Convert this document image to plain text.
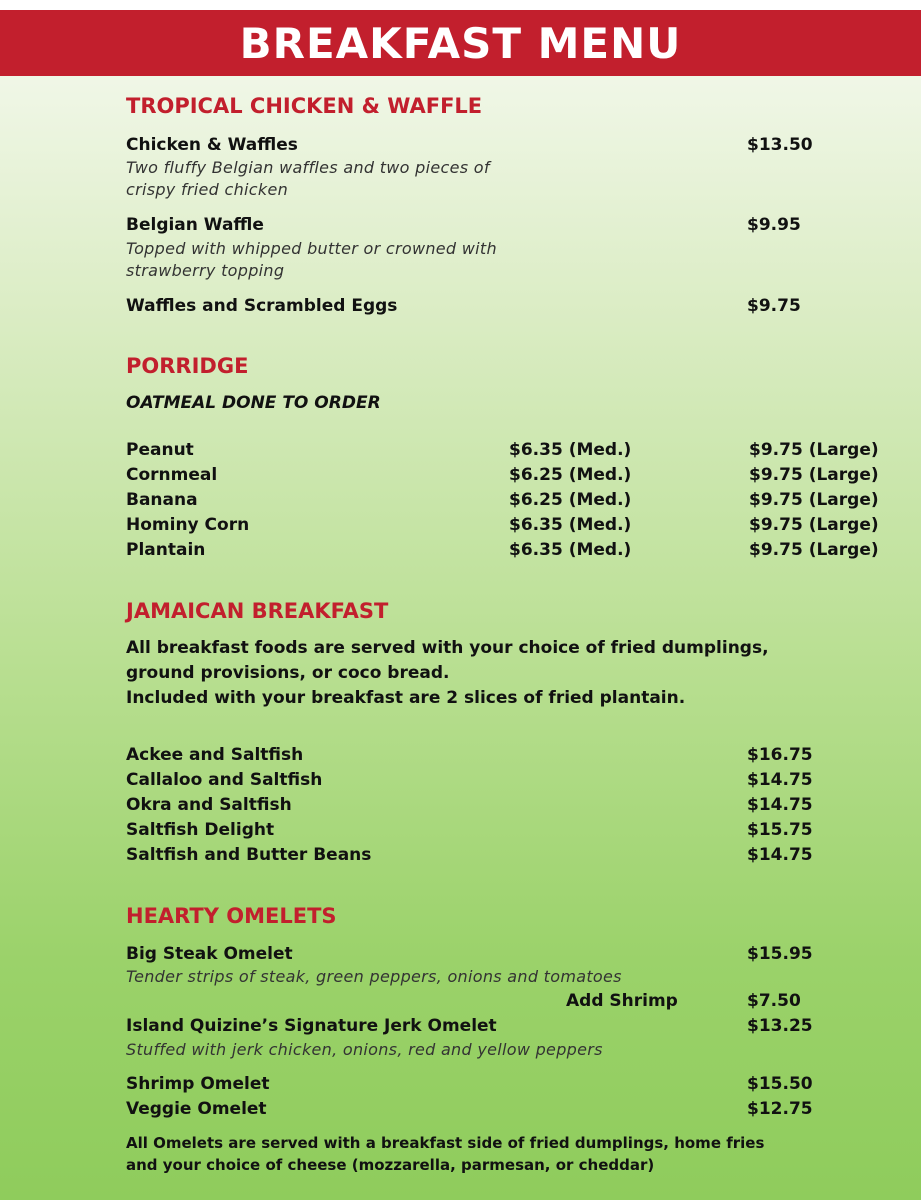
BREAKFAST MENU
TROPICAL CHICKEN & WAFFLE
Chicken & Waffles	$13.50
Two fluffy Belgian waffles and two pieces of
crispy fried chicken
Belgian Waffle	$9.95
Topped with whipped butter or crowned with
strawberry topping
Waffles and Scrambled Eggs	$9.75
PORRIDGE
OATMEAL DONE TO ORDER
Peanut	$6.35 (Med.)	$9.75 (Large)
Cornmeal	$6.25 (Med.)	$9.75 (Large)
Banana	$6.25 (Med.)	$9.75 (Large)
Hominy Corn	$6.35 (Med.)	$9.75 (Large)
Plantain	$6.35 (Med.)	$9.75 (Large)
JAMAICAN BREAKFAST
All breakfast foods are served with your choice of fried dumplings,
ground provisions, or coco bread.
Included with your breakfast are 2 slices of fried plantain.
Ackee and Saltfish	$16.75
Callaloo and Saltfish	$14.75
Okra and Saltfish	$14.75
Saltfish Delight	$15.75
Saltfish and Butter Beans	$14.75
HEARTY OMELETS
Big Steak Omelet	$15.95
Tender strips of steak, green peppers, onions and tomatoes
Add Shrimp	$7.50
Island Quizine’s Signature Jerk Omelet	$13.25
Stuffed with jerk chicken, onions, red and yellow peppers
Shrimp Omelet	$15.50
Veggie Omelet	$12.75
All Omelets are served with a breakfast side of fried dumplings, home fries
and your choice of cheese (mozzarella, parmesan, or cheddar)
